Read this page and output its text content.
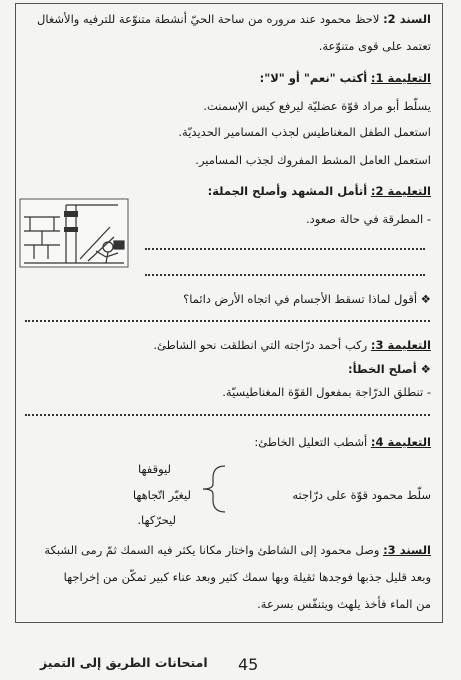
السند 2: لاحظ محمود عند مروره من ساحة الحيّ أنشطة متنوّعة للترفيه والأشغال
تعتمد على قوى متنوّعة.
التعليمة 1: أكتب "نعم" أو "لا":
يسلّط أبو مراد قوّة عضليّة ليرفع كيس الإسمنت.
استعمل الطفل المغناطيس لجذب المسامير الحديديّة.
استعمل العامل المشط المفروك لجذب المسامير.
التعليمة 2: أتأمل المشهد وأصلح الجملة:
- المطرقة في حالة صعود.
❖ أقول لماذا تسقط الأجسام في اتجاه الأرض دائما؟
التعليمة 3: ركب أحمد درّاجته التي انطلقت نحو الشاطئ.
❖ أصلح الخطأ:
- تنطلق الدرّاجة بمفعول القوّة المغناطيسيّة.
التعليمة 4: أشطب التعليل الخاطئ:
ليوقفها
سلّط محمود قوّة على درّاجته
ليغيّر اتّجاهها
ليحرّكها.
السند 3: وصل محمود إلى الشاطئ واختار مكانا يكثر فيه السمك ثمّ رمى الشبكة
وبعد قليل جذبها فوجدها ثقيلة وبها سمك كثير وبعد عناء كبير تمكّن من إخراجها
من الماء فأخذ يلهث ويتنفّس بسرعة.
45
امتحانات الطريق إلى التميز
